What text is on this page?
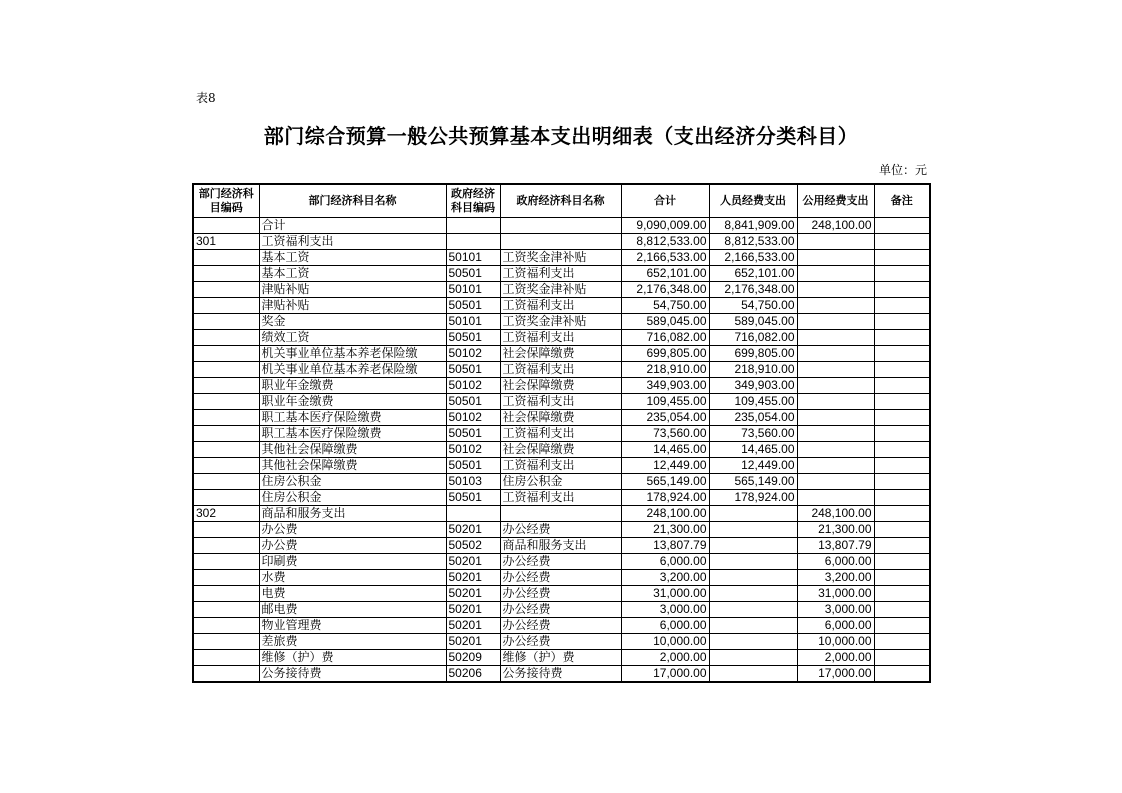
表8
部门综合预算一般公共预算基本支出明细表（支出经济分类科目）
单位：元
部门经济科目编码	部门经济科目名称	政府经济科目编码	政府经济科目名称	合计	人员经费支出	公用经费支出	备注
	合计			9,090,009.00	8,841,909.00	248,100.00	
301	工资福利支出			8,812,533.00	8,812,533.00		
	基本工资	50101	工资奖金津补贴	2,166,533.00	2,166,533.00		
	基本工资	50501	工资福利支出	652,101.00	652,101.00		
	津贴补贴	50101	工资奖金津补贴	2,176,348.00	2,176,348.00		
	津贴补贴	50501	工资福利支出	54,750.00	54,750.00		
	奖金	50101	工资奖金津补贴	589,045.00	589,045.00		
	绩效工资	50501	工资福利支出	716,082.00	716,082.00		
	机关事业单位基本养老保险缴	50102	社会保障缴费	699,805.00	699,805.00		
	机关事业单位基本养老保险缴	50501	工资福利支出	218,910.00	218,910.00		
	职业年金缴费	50102	社会保障缴费	349,903.00	349,903.00		
	职业年金缴费	50501	工资福利支出	109,455.00	109,455.00		
	职工基本医疗保险缴费	50102	社会保障缴费	235,054.00	235,054.00		
	职工基本医疗保险缴费	50501	工资福利支出	73,560.00	73,560.00		
	其他社会保障缴费	50102	社会保障缴费	14,465.00	14,465.00		
	其他社会保障缴费	50501	工资福利支出	12,449.00	12,449.00		
	住房公积金	50103	住房公积金	565,149.00	565,149.00		
	住房公积金	50501	工资福利支出	178,924.00	178,924.00		
302	商品和服务支出			248,100.00		248,100.00	
	办公费	50201	办公经费	21,300.00		21,300.00	
	办公费	50502	商品和服务支出	13,807.79		13,807.79	
	印刷费	50201	办公经费	6,000.00		6,000.00	
	水费	50201	办公经费	3,200.00		3,200.00	
	电费	50201	办公经费	31,000.00		31,000.00	
	邮电费	50201	办公经费	3,000.00		3,000.00	
	物业管理费	50201	办公经费	6,000.00		6,000.00	
	差旅费	50201	办公经费	10,000.00		10,000.00	
	维修（护）费	50209	维修（护）费	2,000.00		2,000.00	
	公务接待费	50206	公务接待费	17,000.00		17,000.00	
